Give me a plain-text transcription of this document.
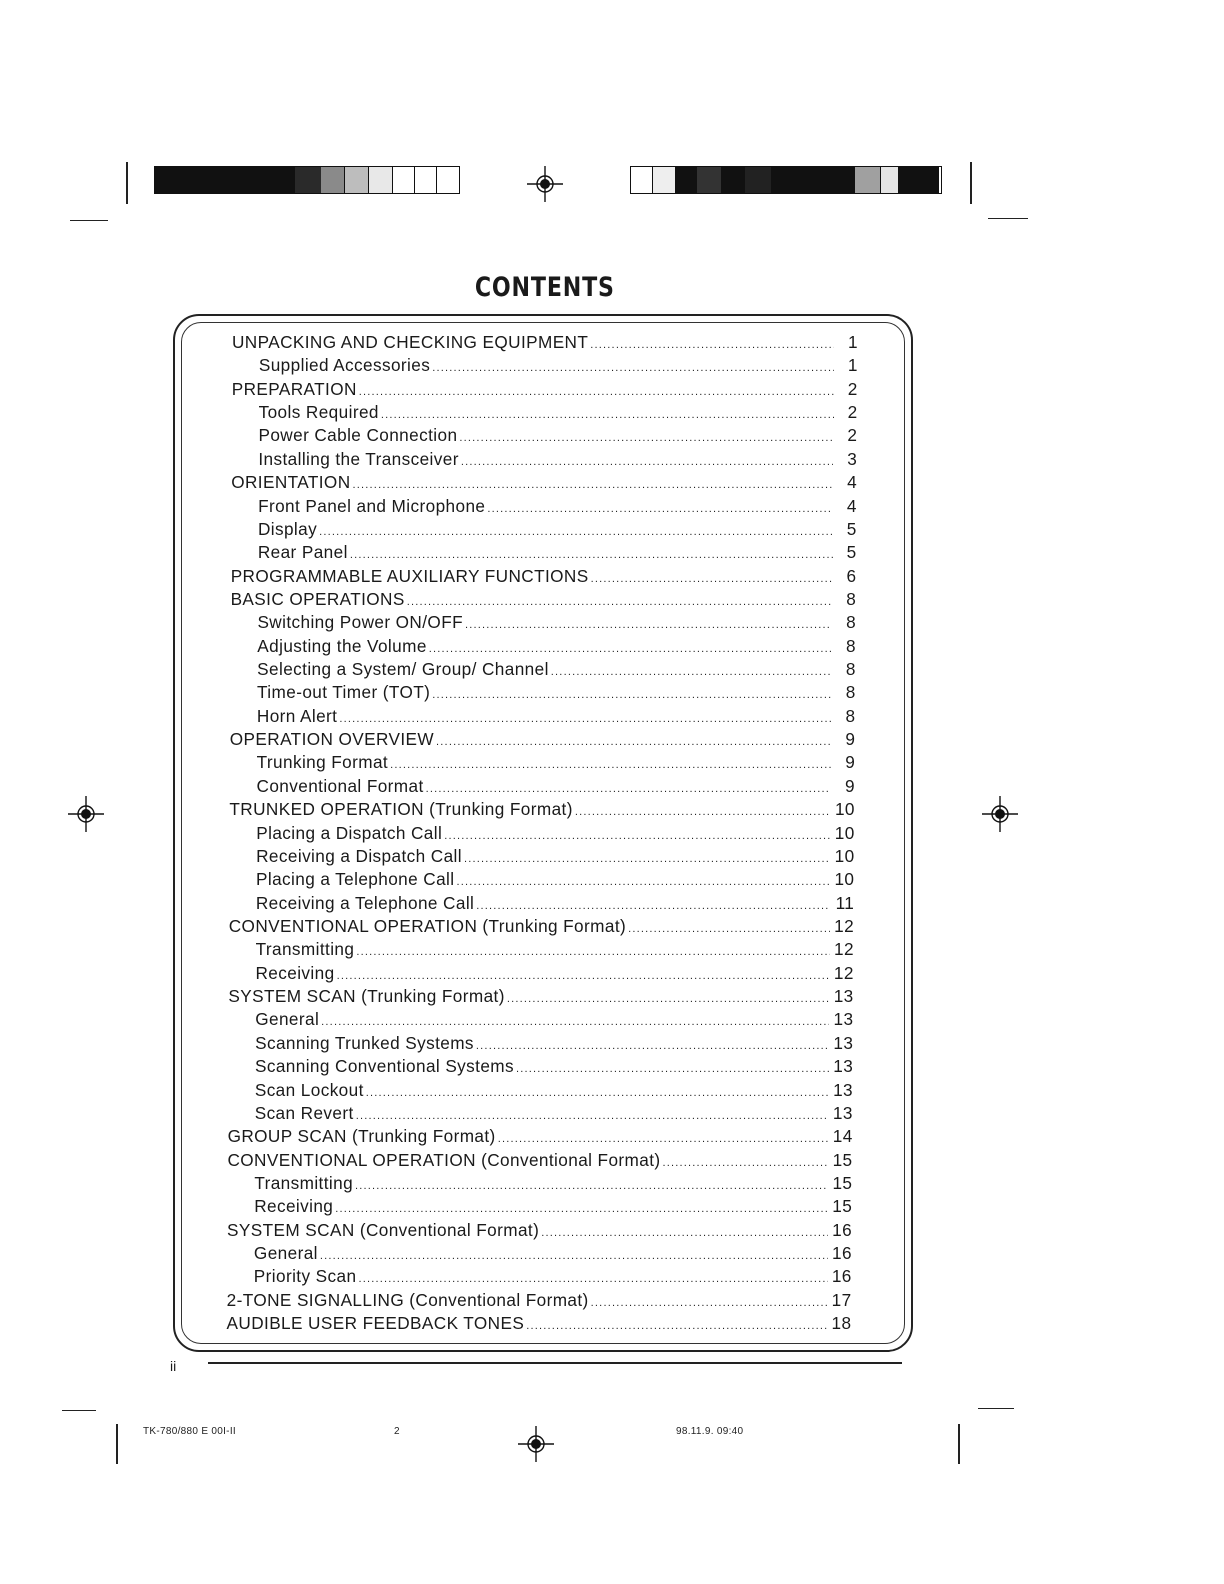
CONTENTS
UNPACKING AND CHECKING EQUIPMENT .....	1
Supplied Accessories .....	1
PREPARATION .....	2
Tools Required .....	2
Power Cable Connection .....	2
Installing the Transceiver .....	3
ORIENTATION .....	4
Front Panel and Microphone .....	4
Display .....	5
Rear Panel .....	5
PROGRAMMABLE AUXILIARY FUNCTIONS .....	6
BASIC OPERATIONS .....	8
Switching Power ON/OFF .....	8
Adjusting the Volume .....	8
Selecting a System/ Group/ Channel .....	8
Time-out Timer (TOT) .....	8
Horn Alert .....	8
OPERATION OVERVIEW .....	9
Trunking Format .....	9
Conventional Format .....	9
TRUNKED OPERATION (Trunking Format) .....	10
Placing a Dispatch Call .....	10
Receiving a Dispatch Call .....	10
Placing a Telephone Call .....	10
Receiving a Telephone Call .....	11
CONVENTIONAL OPERATION (Trunking Format) .....	12
Transmitting .....	12
Receiving .....	12
SYSTEM SCAN (Trunking Format) .....	13
General .....	13
Scanning Trunked Systems .....	13
Scanning Conventional Systems .....	13
Scan Lockout .....	13
Scan Revert .....	13
GROUP SCAN (Trunking Format) .....	14
CONVENTIONAL OPERATION (Conventional Format) .....	15
Transmitting .....	15
Receiving .....	15
SYSTEM SCAN (Conventional Format) .....	16
General .....	16
Priority Scan .....	16
2-TONE SIGNALLING (Conventional Format) .....	17
AUDIBLE USER FEEDBACK TONES .....	18
ii
TK-780/880 E 00I-II	2	98.11.9. 09:40
